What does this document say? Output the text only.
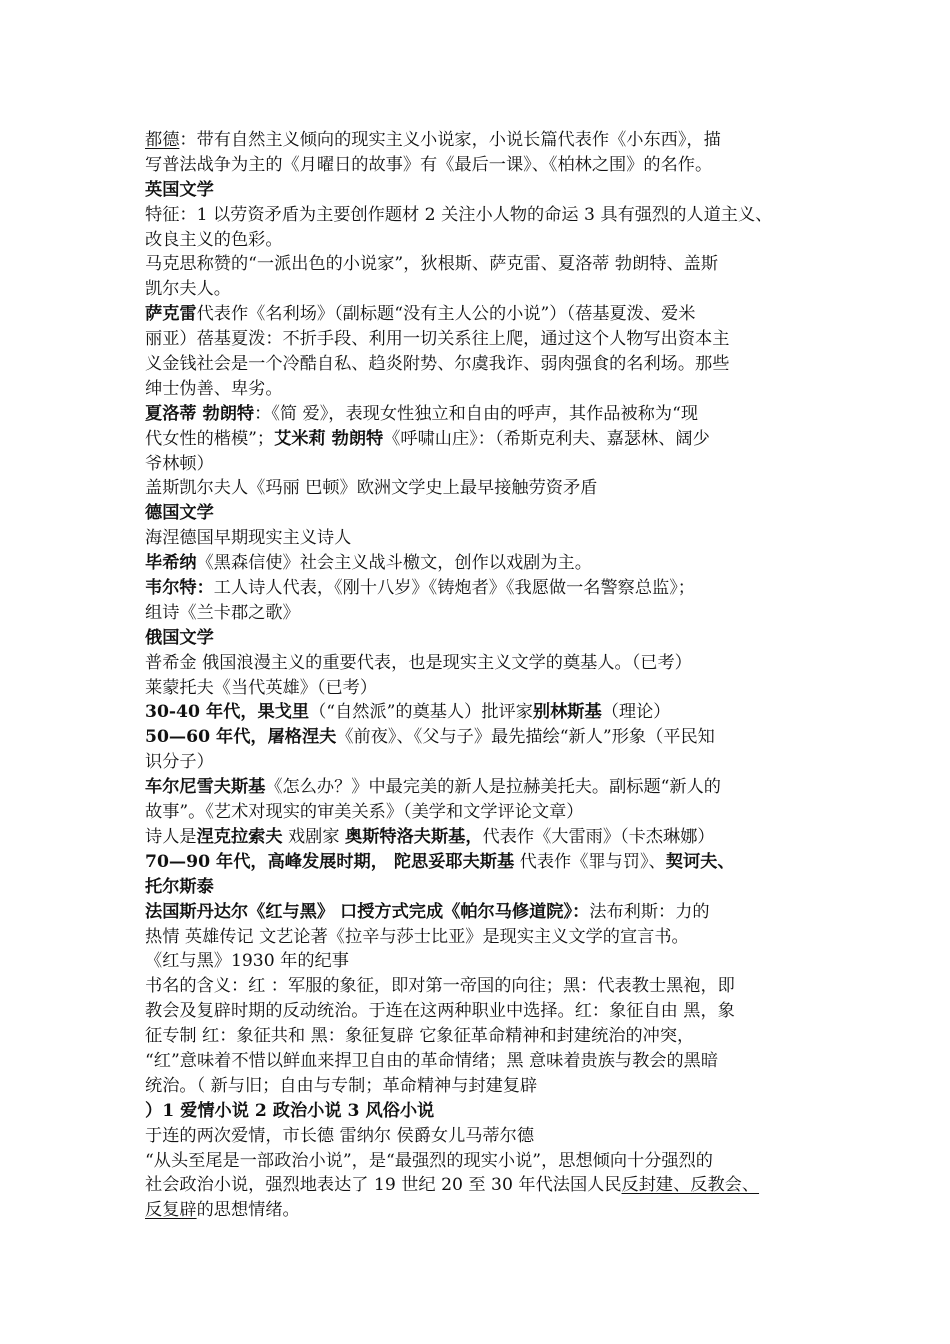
都德：带有自然主义倾向的现实主义小说家，小说长篇代表作《小东西》，描
写普法战争为主的《月曜日的故事》有《最后一课》、《柏林之围》的名作。
英国文学
特征：1 以劳资矛盾为主要创作题材 2 关注小人物的命运 3 具有强烈的人道主义、
改良主义的色彩。
马克思称赞的“一派出色的小说家”，狄根斯、萨克雷、夏洛蒂 勃朗特、盖斯
凯尔夫人。
萨克雷代表作《名利场》（副标题“没有主人公的小说”）（蓓基夏泼、爱米
丽亚）蓓基夏泼：不折手段、利用一切关系往上爬，通过这个人物写出资本主
义金钱社会是一个冷酷自私、趋炎附势、尔虞我诈、弱肉强食的名利场。那些
绅士伪善、卑劣。
夏洛蒂 勃朗特：《简 爱》，表现女性独立和自由的呼声，其作品被称为“现
代女性的楷模”；艾米莉 勃朗特《呼啸山庄》：（希斯克利夫、嘉瑟林、阔少
爷林顿）
盖斯凯尔夫人《玛丽 巴顿》欧洲文学史上最早接触劳资矛盾
德国文学
海涅德国早期现实主义诗人
毕希纳《黑森信使》社会主义战斗檄文，创作以戏剧为主。
韦尔特：工人诗人代表，《刚十八岁》《铸炮者》《我愿做一名警察总监》；
组诗《兰卡郡之歌》
俄国文学
普希金 俄国浪漫主义的重要代表，也是现实主义文学的奠基人。（已考）
莱蒙托夫《当代英雄》（已考）
30-40 年代，果戈里（“自然派”的奠基人）批评家别林斯基（理论）
50—60 年代，屠格涅夫《前夜》、《父与子》最先描绘“新人”形象（平民知
识分子）
车尔尼雪夫斯基《怎么办？》中最完美的新人是拉赫美托夫。副标题“新人的
故事”。《艺术对现实的审美关系》（美学和文学评论文章）
诗人是涅克拉索夫 戏剧家 奥斯特洛夫斯基，代表作《大雷雨》（卡杰琳娜）
70—90 年代，高峰发展时期， 陀思妥耶夫斯基 代表作《罪与罚》、契诃夫、
托尔斯泰
法国斯丹达尔《红与黑》 口授方式完成《帕尔马修道院》：法布利斯：力的
热情 英雄传记 文艺论著《拉辛与莎士比亚》是现实主义文学的宣言书。
《红与黑》1930 年的纪事
书名的含义：红 ：军服的象征，即对第一帝国的向往；黑：代表教士黑袍，即
教会及复辟时期的反动统治。于连在这两种职业中选择。红：象征自由 黑，象
征专制 红：象征共和 黑：象征复辟 它象征革命精神和封建统治的冲突，
“红”意味着不惜以鲜血来捍卫自由的革命情绪；黑 意味着贵族与教会的黑暗
统治。（ 新与旧；自由与专制；革命精神与封建复辟
）1 爱情小说 2 政治小说 3 风俗小说
于连的两次爱情，市长德 雷纳尔 侯爵女儿马蒂尔德
“从头至尾是一部政治小说”，是“最强烈的现实小说”，思想倾向十分强烈的
社会政治小说，强烈地表达了 19 世纪 20 至 30 年代法国人民反封建、反教会、
反复辟的思想情绪。
